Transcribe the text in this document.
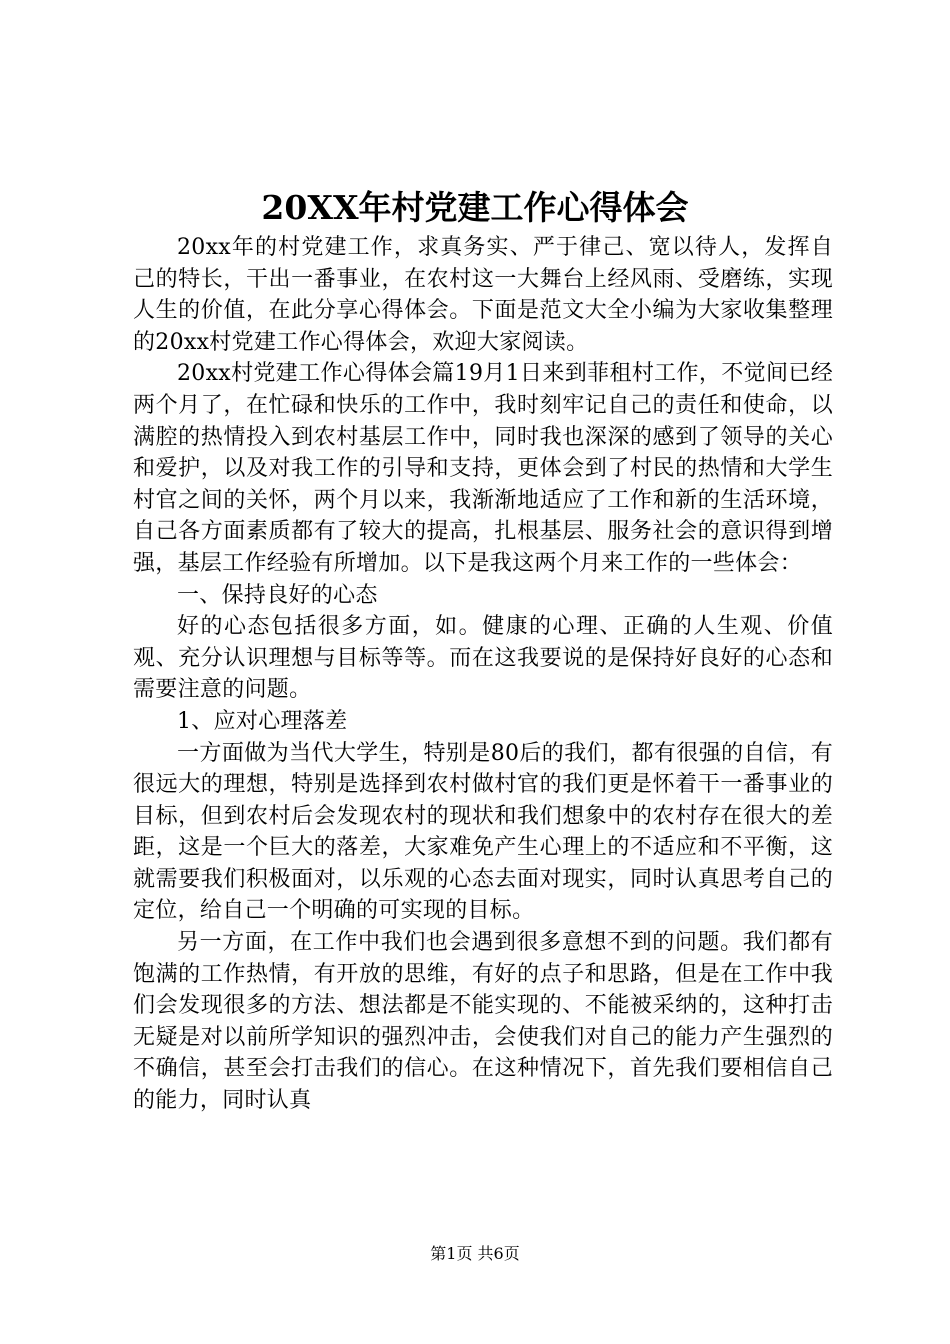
20XX年村党建工作心得体会

20xx年的村党建工作，求真务实、严于律己、宽以待人，发挥自己的特长，干出一番事业，在农村这一大舞台上经风雨、受磨练，实现人生的价值，在此分享心得体会。下面是范文大全小编为大家收集整理的20xx村党建工作心得体会，欢迎大家阅读。

20xx村党建工作心得体会篇19月1日来到菲租村工作，不觉间已经两个月了，在忙碌和快乐的工作中，我时刻牢记自己的责任和使命，以满腔的热情投入到农村基层工作中，同时我也深深的感到了领导的关心和爱护，以及对我工作的引导和支持，更体会到了村民的热情和大学生村官之间的关怀，两个月以来，我渐渐地适应了工作和新的生活环境，自己各方面素质都有了较大的提高，扎根基层、服务社会的意识得到增强，基层工作经验有所增加。以下是我这两个月来工作的一些体会：

一、保持良好的心态

好的心态包括很多方面，如。健康的心理、正确的人生观、价值观、充分认识理想与目标等等。而在这我要说的是保持好良好的心态和需要注意的问题。

1、应对心理落差

一方面做为当代大学生，特别是80后的我们，都有很强的自信，有很远大的理想，特别是选择到农村做村官的我们更是怀着干一番事业的目标，但到农村后会发现农村的现状和我们想象中的农村存在很大的差距，这是一个巨大的落差，大家难免产生心理上的不适应和不平衡，这就需要我们积极面对，以乐观的心态去面对现实，同时认真思考自己的定位，给自己一个明确的可实现的目标。

另一方面，在工作中我们也会遇到很多意想不到的问题。我们都有饱满的工作热情，有开放的思维，有好的点子和思路，但是在工作中我们会发现很多的方法、想法都是不能实现的、不能被采纳的，这种打击无疑是对以前所学知识的强烈冲击，会使我们对自己的能力产生强烈的不确信，甚至会打击我们的信心。在这种情况下，首先我们要相信自己的能力，同时认真

第1页 共6页
